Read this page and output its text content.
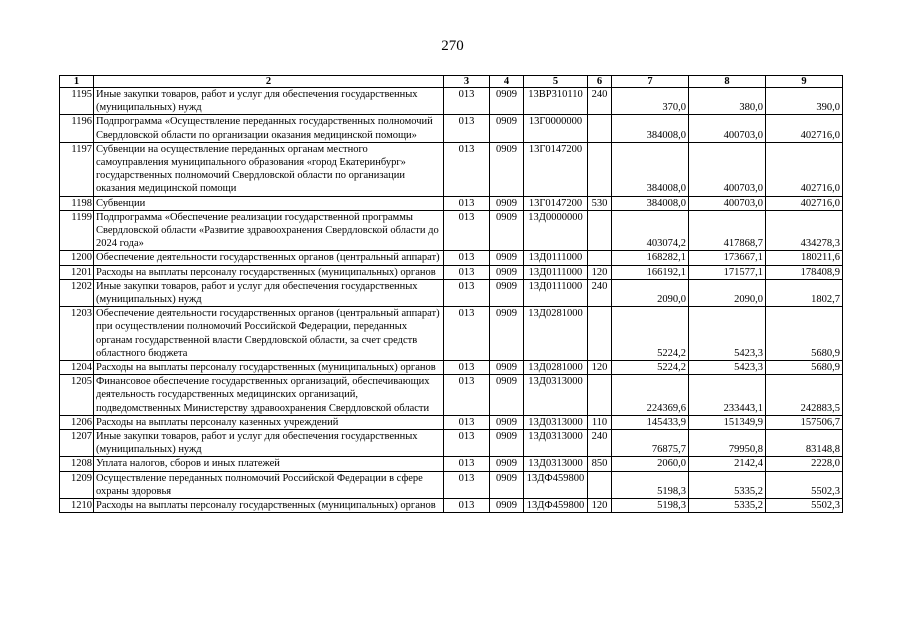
270
1	2	3	4	5	6	7	8	9
1195	Иные закупки товаров, работ и услуг для обеспечения государственных (муниципальных) нужд	013	0909	13ВР310110	240	370,0	380,0	390,0
1196	Подпрограмма «Осуществление переданных государственных полномочий Свердловской области по организации оказания медицинской помощи»	013	0909	13Г0000000		384008,0	400703,0	402716,0
1197	Субвенции на осуществление переданных органам местного самоуправления муниципального образования «город Екатеринбург» государственных полномочий Свердловской области по организации оказания медицинской помощи	013	0909	13Г0147200		384008,0	400703,0	402716,0
1198	Субвенции	013	0909	13Г0147200	530	384008,0	400703,0	402716,0
1199	Подпрограмма «Обеспечение реализации государственной программы Свердловской области «Развитие здравоохранения Свердловской области до 2024 года»	013	0909	13Д0000000		403074,2	417868,7	434278,3
1200	Обеспечение деятельности государственных органов (центральный аппарат)	013	0909	13Д0111000		168282,1	173667,1	180211,6
1201	Расходы на выплаты персоналу государственных (муниципальных) органов	013	0909	13Д0111000	120	166192,1	171577,1	178408,9
1202	Иные закупки товаров, работ и услуг для обеспечения государственных (муниципальных) нужд	013	0909	13Д0111000	240	2090,0	2090,0	1802,7
1203	Обеспечение деятельности государственных органов (центральный аппарат) при осуществлении полномочий Российской Федерации, переданных органам государственной власти Свердловской области, за счет средств областного бюджета	013	0909	13Д0281000		5224,2	5423,3	5680,9
1204	Расходы на выплаты персоналу государственных (муниципальных) органов	013	0909	13Д0281000	120	5224,2	5423,3	5680,9
1205	Финансовое обеспечение государственных организаций, обеспечивающих деятельность государственных медицинских организаций, подведомственных Министерству здравоохранения Свердловской области	013	0909	13Д0313000		224369,6	233443,1	242883,5
1206	Расходы на выплаты персоналу казенных учреждений	013	0909	13Д0313000	110	145433,9	151349,9	157506,7
1207	Иные закупки товаров, работ и услуг для обеспечения государственных (муниципальных) нужд	013	0909	13Д0313000	240	76875,7	79950,8	83148,8
1208	Уплата налогов, сборов и иных платежей	013	0909	13Д0313000	850	2060,0	2142,4	2228,0
1209	Осуществление переданных полномочий Российской Федерации в сфере охраны здоровья	013	0909	13ДФ459800		5198,3	5335,2	5502,3
1210	Расходы на выплаты персоналу государственных (муниципальных) органов	013	0909	13ДФ459800	120	5198,3	5335,2	5502,3
